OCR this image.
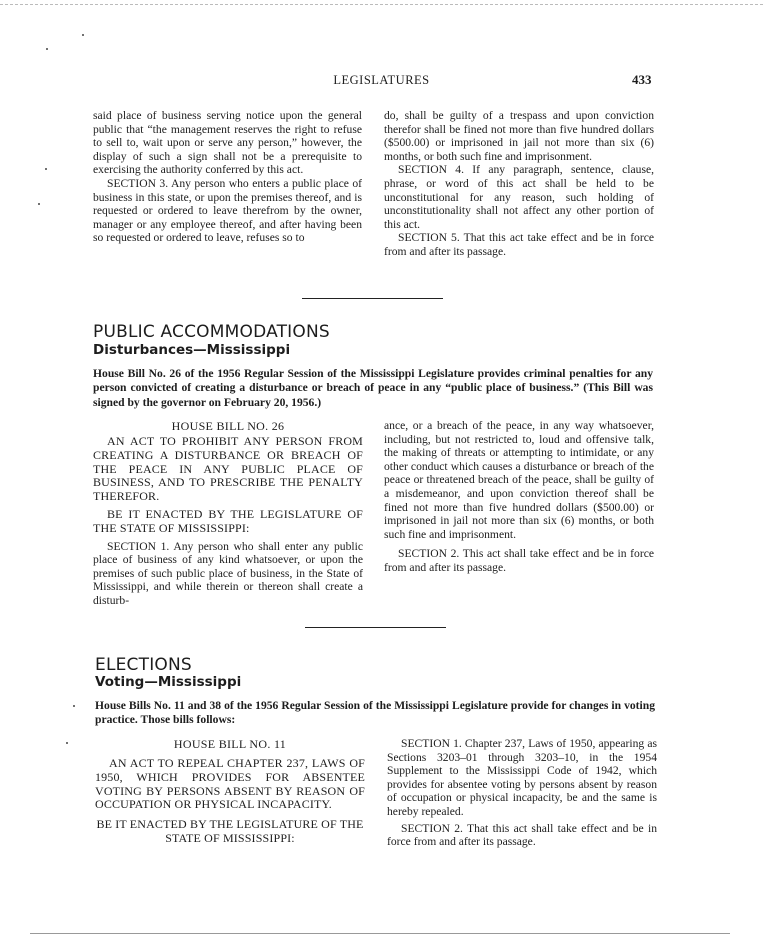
LEGISLATURES	433

said place of business serving notice upon the general public that “the management reserves the right to refuse to sell to, wait upon or serve any person,” however, the display of such a sign shall not be a prerequisite to exercising the authority conferred by this act.

SECTION 3. Any person who enters a public place of business in this state, or upon the premises thereof, and is requested or ordered to leave therefrom by the owner, manager or any employee thereof, and after having been so requested or ordered to leave, refuses so to

do, shall be guilty of a trespass and upon conviction therefor shall be fined not more than five hundred dollars ($500.00) or imprisoned in jail not more than six (6) months, or both such fine and imprisonment.

SECTION 4. If any paragraph, sentence, clause, phrase, or word of this act shall be held to be unconstitutional for any reason, such holding of unconstitutionality shall not affect any other portion of this act.

SECTION 5. That this act take effect and be in force from and after its passage.

PUBLIC ACCOMMODATIONS
Disturbances—Mississippi
House Bill No. 26 of the 1956 Regular Session of the Mississippi Legislature provides criminal penalties for any person convicted of creating a disturbance or breach of peace in any “public place of business.” (This Bill was signed by the governor on February 20, 1956.)
HOUSE BILL NO. 26
AN ACT TO PROHIBIT ANY PERSON FROM CREATING A DISTURBANCE OR BREACH OF THE PEACE IN ANY PUBLIC PLACE OF BUSINESS, AND TO PRESCRIBE THE PENALTY THEREFOR.
BE IT ENACTED BY THE LEGISLATURE OF THE STATE OF MISSISSIPPI:
SECTION 1. Any person who shall enter any public place of business of any kind whatsoever, or upon the premises of such public place of business, in the State of Mississippi, and while therein or thereon shall create a disturb-

ance, or a breach of the peace, in any way whatsoever, including, but not restricted to, loud and offensive talk, the making of threats or attempting to intimidate, or any other conduct which causes a disturbance or breach of the peace or threatened breach of the peace, shall be guilty of a misdemeanor, and upon conviction thereof shall be fined not more than five hundred dollars ($500.00) or imprisoned in jail not more than six (6) months, or both such fine and imprisonment.

SECTION 2. This act shall take effect and be in force from and after its passage.

ELECTIONS
Voting—Mississippi
House Bills No. 11 and 38 of the 1956 Regular Session of the Mississippi Legislature provide for changes in voting practice. Those bills follows:
HOUSE BILL NO. 11
AN ACT TO REPEAL CHAPTER 237, LAWS OF 1950, WHICH PROVIDES FOR ABSENTEE VOTING BY PERSONS ABSENT BY REASON OF OCCUPATION OR PHYSICAL INCAPACITY.
BE IT ENACTED BY THE LEGISLATURE OF THE STATE OF MISSISSIPPI:

SECTION 1. Chapter 237, Laws of 1950, appearing as Sections 3203–01 through 3203–10, in the 1954 Supplement to the Mississippi Code of 1942, which provides for absentee voting by persons absent by reason of occupation or physical incapacity, be and the same is hereby repealed.

SECTION 2. That this act shall take effect and be in force from and after its passage.
